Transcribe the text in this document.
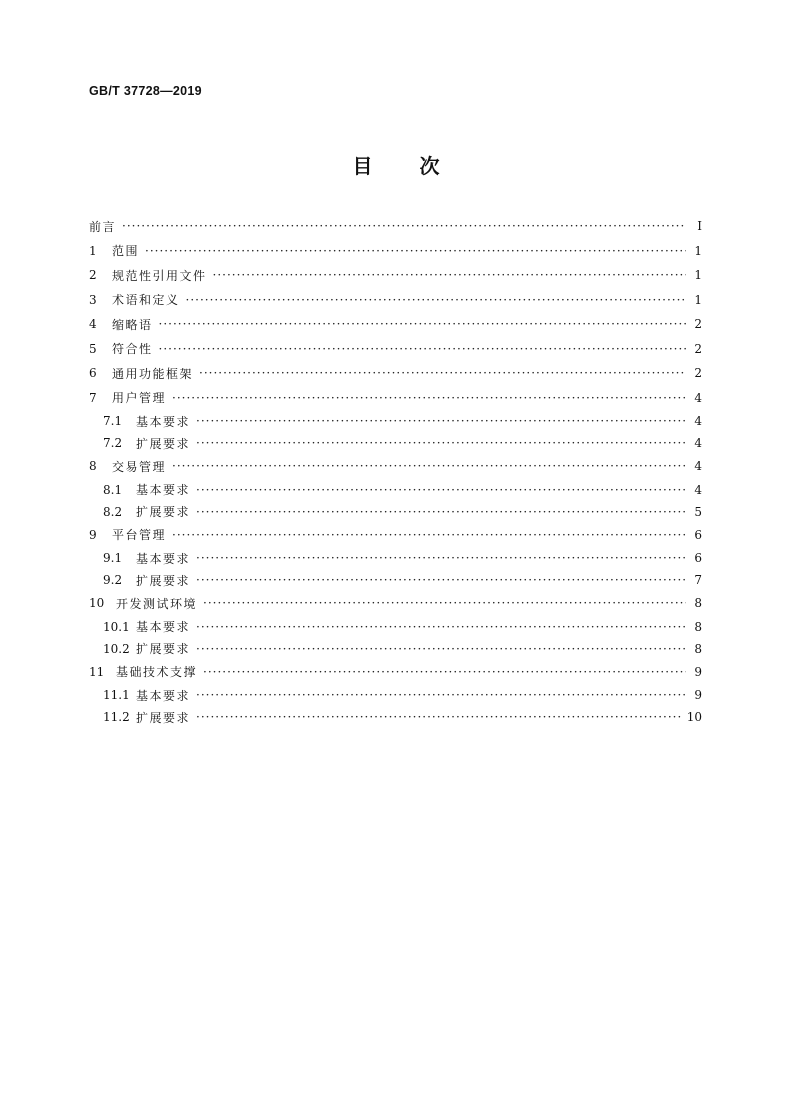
GB/T 37728—2019
目 次
前言 ·····	Ⅰ
1	范围 ·····	1
2	规范性引用文件 ·····	1
3	术语和定义 ·····	1
4	缩略语 ·····	2
5	符合性 ·····	2
6	通用功能框架 ·····	2
7	用户管理 ·····	4
7.1	基本要求 ·····	4
7.2	扩展要求 ·····	4
8	交易管理 ·····	4
8.1	基本要求 ·····	4
8.2	扩展要求 ·····	5
9	平台管理 ·····	6
9.1	基本要求 ·····	6
9.2	扩展要求 ·····	7
10 开发测试环境 ·····	8
10.1 基本要求 ·····	8
10.2 扩展要求 ·····	8
11 基础技术支撑 ·····	9
11.1 基本要求 ·····	9
11.2 扩展要求 ·····	10
